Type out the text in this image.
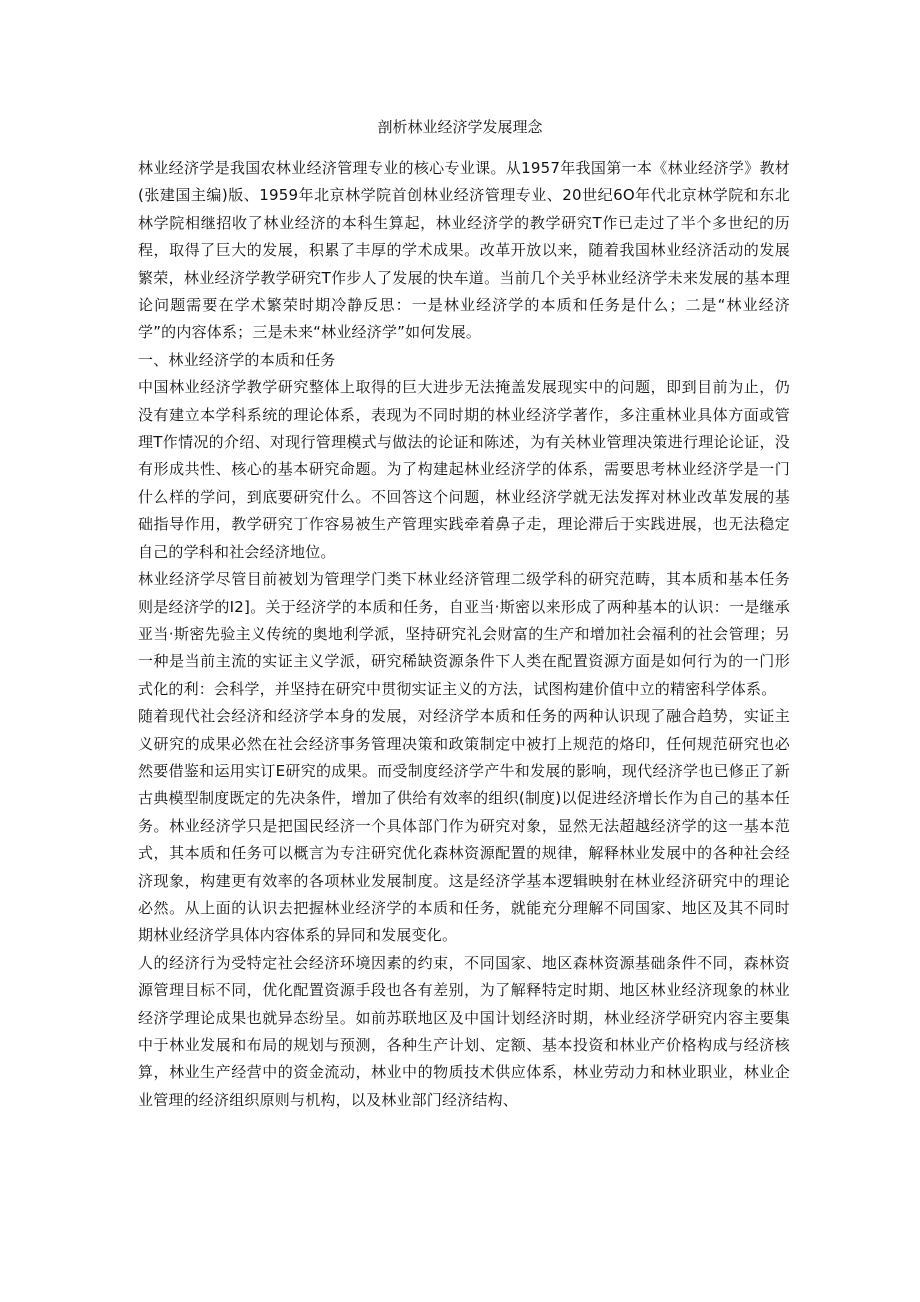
剖析林业经济学发展理念

林业经济学是我国农林业经济管理专业的核心专业课。从1957年我国第一本《林业经济学》教材(张建国主编)版、1959年北京林学院首创林业经济管理专业、20世纪6O年代北京林学院和东北林学院相继招收了林业经济的本科生算起，林业经济学的教学研究T作已走过了半个多世纪的历程，取得了巨大的发展，积累了丰厚的学术成果。改革开放以来，随着我国林业经济活动的发展繁荣，林业经济学教学研究T作步人了发展的快车道。当前几个关乎林业经济学未来发展的基本理论问题需要在学术繁荣时期冷静反思：一是林业经济学的本质和任务是什么；二是“林业经济学”的内容体系；三是未来“林业经济学”如何发展。

一、林业经济学的本质和任务

中国林业经济学教学研究整体上取得的巨大进步无法掩盖发展现实中的问题，即到目前为止，仍没有建立本学科系统的理论体系，表现为不同时期的林业经济学著作，多注重林业具体方面或管理T作情况的介绍、对现行管理模式与做法的论证和陈述，为有关林业管理决策进行理论论证，没有形成共性、核心的基本研究命题。为了构建起林业经济学的体系，需要思考林业经济学是一门什么样的学问，到底要研究什么。不回答这个问题，林业经济学就无法发挥对林业改革发展的基础指导作用，教学研究丁作容易被生产管理实践牵着鼻子走，理论滞后于实践进展，也无法稳定自己的学科和社会经济地位。

林业经济学尽管目前被划为管理学门类下林业经济管理二级学科的研究范畴，其本质和基本任务则是经济学的I2]。关于经济学的本质和任务，自亚当·斯密以来形成了两种基本的认识：一是继承亚当·斯密先验主义传统的奥地利学派，坚持研究礼会财富的生产和增加社会福利的社会管理；另一种是当前主流的实证主义学派，研究稀缺资源条件下人类在配置资源方面是如何行为的一门形式化的利：会科学，并坚持在研究中贯彻实证主义的方法，试图构建价值中立的精密科学体系。

随着现代社会经济和经济学本身的发展，对经济学本质和任务的两种认识现了融合趋势，实证主义研究的成果必然在社会经济事务管理决策和政策制定中被打上规范的烙印，任何规范研究也必然要借鉴和运用实订E研究的成果。而受制度经济学产牛和发展的影响，现代经济学也已修正了新古典模型制度既定的先决条件，增加了供给有效率的组织(制度)以促进经济增长作为自己的基本任务。林业经济学只是把国民经济一个具体部门作为研究对象，显然无法超越经济学的这一基本范式，其本质和任务可以概言为专注研究优化森林资源配置的规律，解释林业发展中的各种社会经济现象，构建更有效率的各项林业发展制度。这是经济学基本逻辑映射在林业经济研究中的理论必然。从上面的认识去把握林业经济学的本质和任务，就能充分理解不同国家、地区及其不同时期林业经济学具体内容体系的异同和发展变化。

人的经济行为受特定社会经济环境因素的约束，不同国家、地区森林资源基础条件不同，森林资源管理目标不同，优化配置资源手段也各有差别，为了解释特定时期、地区林业经济现象的林业经济学理论成果也就异态纷呈。如前苏联地区及中国计划经济时期，林业经济学研究内容主要集中于林业发展和布局的规划与预测，各种生产计划、定额、基本投资和林业产价格构成与经济核算，林业生产经营中的资金流动，林业中的物质技术供应体系，林业劳动力和林业职业，林业企业管理的经济组织原则与机构，以及林业部门经济结构、
